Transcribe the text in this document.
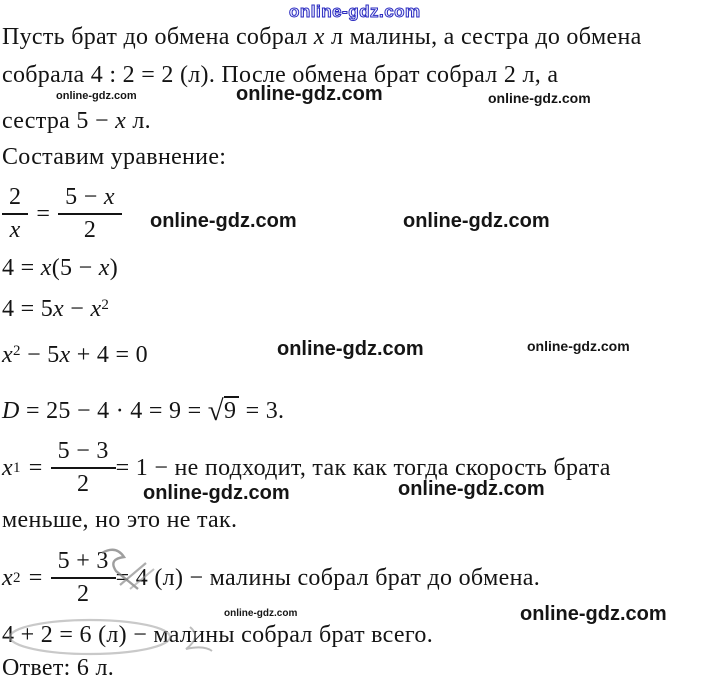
online-gdz.com
online-gdz.com	online-gdz.com	online-gdz.com
online-gdz.com	online-gdz.com
online-gdz.com	online-gdz.com
online-gdz.com	online-gdz.com
online-gdz.com	online-gdz.com
Пусть брат до обмена собрал x л малины, а сестра до обмена
собрала 4 : 2 = 2 (л). После обмена брат собрал 2 л, а
сестра 5 − x л.
Составим уравнение:
$\frac{2}{x} = \frac{5 - x}{2}$
4 = x(5 − x)
$4 = 5x - x^2$
$x^2 - 5x + 4 = 0$
D = 25 − 4 · 4 = 9 = √9 = 3.
x $1 = \frac{5 - 3}{2} = 1$ − не подходит, так как тогда скорость брата
меньше, но это не так.
x $2 = \frac{5 + 3}{2} = 4$ (л) − малины собрал брат до обмена.
4 + 2 = 6 (л) − малины собрал брат всего.
Ответ: 6 л.
